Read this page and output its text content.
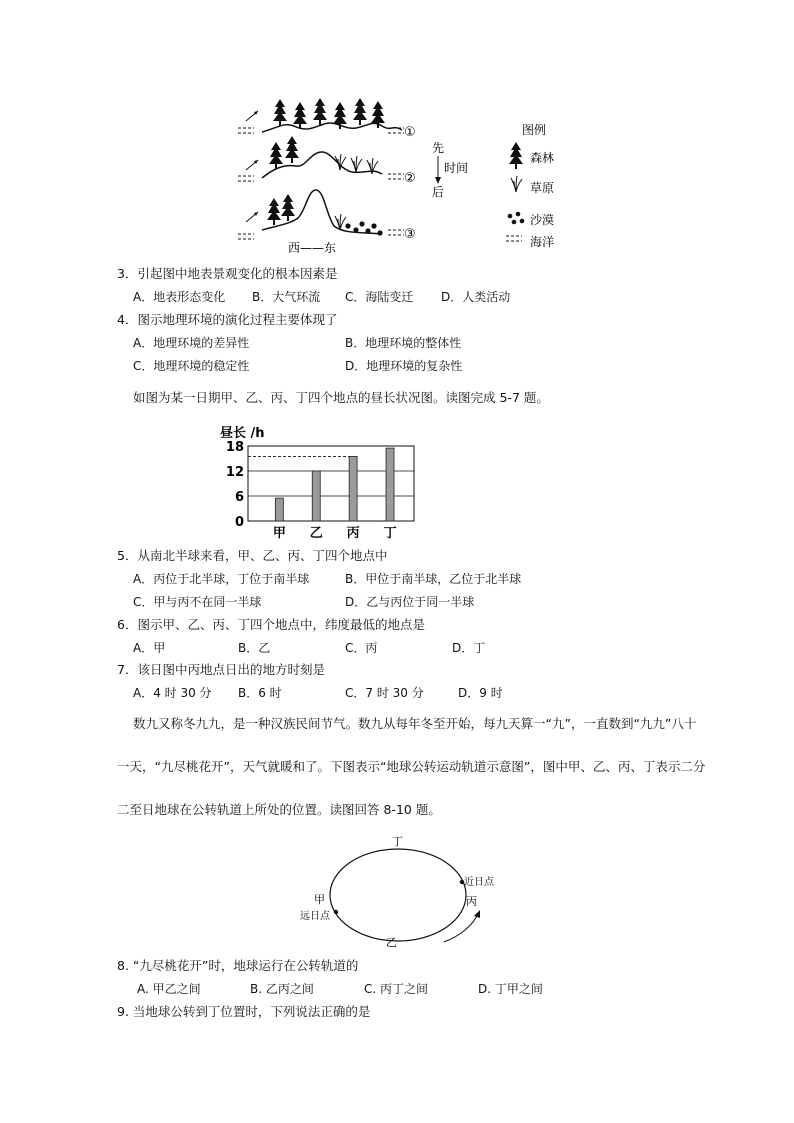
①
②
③
西——东
先
时间
后
图例
森林
草原
沙漠
海洋
3．引起图中地表景观变化的根本因素是
A．地表形态变化 B．大气环流 C．海陆变迁 D．人类活动
4．图示地理环境的演化过程主要体现了
A．地理环境的差异性	B．地理环境的整体性
C．地理环境的稳定性	D．地理环境的复杂性
如图为某一日期甲、乙、丙、丁四个地点的昼长状况图。读图完成 5-7 题。
昼长 /h
0
6
12
18
甲 乙 丙 丁
5．从南北半球来看，甲、乙、丙、丁四个地点中
A．丙位于北半球，丁位于南半球	B．甲位于南半球，乙位于北半球
C．甲与丙不在同一半球	D．乙与丙位于同一半球
6．图示甲、乙、丙、丁四个地点中，纬度最低的地点是
A．甲	B．乙	C．丙	D．丁
7．该日图中丙地点日出的地方时刻是
A．4 时 30 分 B．6 时	C．7 时 30 分	D．9 时
数九又称冬九九，是一种汉族民间节气。数九从每年冬至开始，每九天算一“九”，一直数到“九九”八十
一天，“九尽桃花开”，天气就暖和了。下图表示“地球公转运动轨道示意图”，图中甲、乙、丙、丁表示二分
二至日地球在公转轨道上所处的位置。读图回答 8-10 题。
丁
甲
远日点
近日点
丙
乙
8. “九尽桃花开”时，地球运行在公转轨道的
A. 甲乙之间	B. 乙丙之间	C. 丙丁之间	D. 丁甲之间
9. 当地球公转到丁位置时，下列说法正确的是
